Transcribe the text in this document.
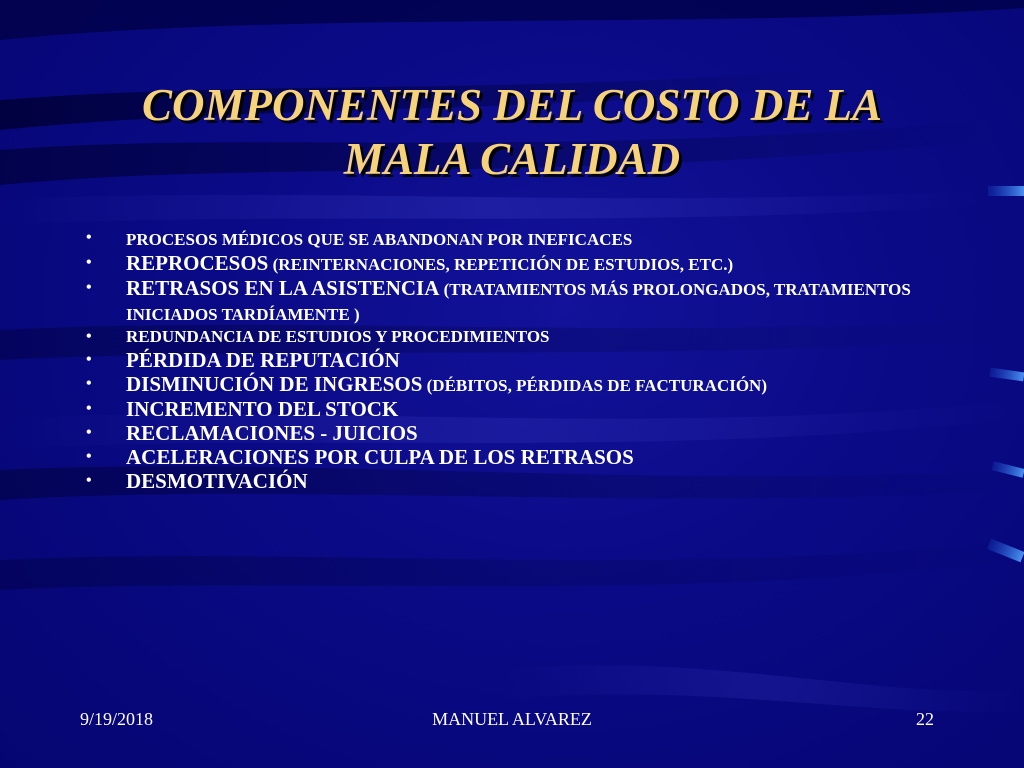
COMPONENTES DEL COSTO DE LA
MALA CALIDAD
• PROCESOS MÉDICOS QUE SE ABANDONAN POR INEFICACES
• REPROCESOS (REINTERNACIONES, REPETICIÓN DE ESTUDIOS, ETC.)
• RETRASOS EN LA ASISTENCIA (TRATAMIENTOS MÁS PROLONGADOS, TRATAMIENTOS INICIADOS TARDÍAMENTE )
• REDUNDANCIA DE ESTUDIOS Y PROCEDIMIENTOS
• PÉRDIDA DE REPUTACIÓN
• DISMINUCIÓN DE INGRESOS (DÉBITOS, PÉRDIDAS DE FACTURACIÓN)
• INCREMENTO DEL STOCK
• RECLAMACIONES - JUICIOS
• ACELERACIONES POR CULPA DE LOS RETRASOS
• DESMOTIVACIÓN
9/19/2018	MANUEL ALVAREZ	22
